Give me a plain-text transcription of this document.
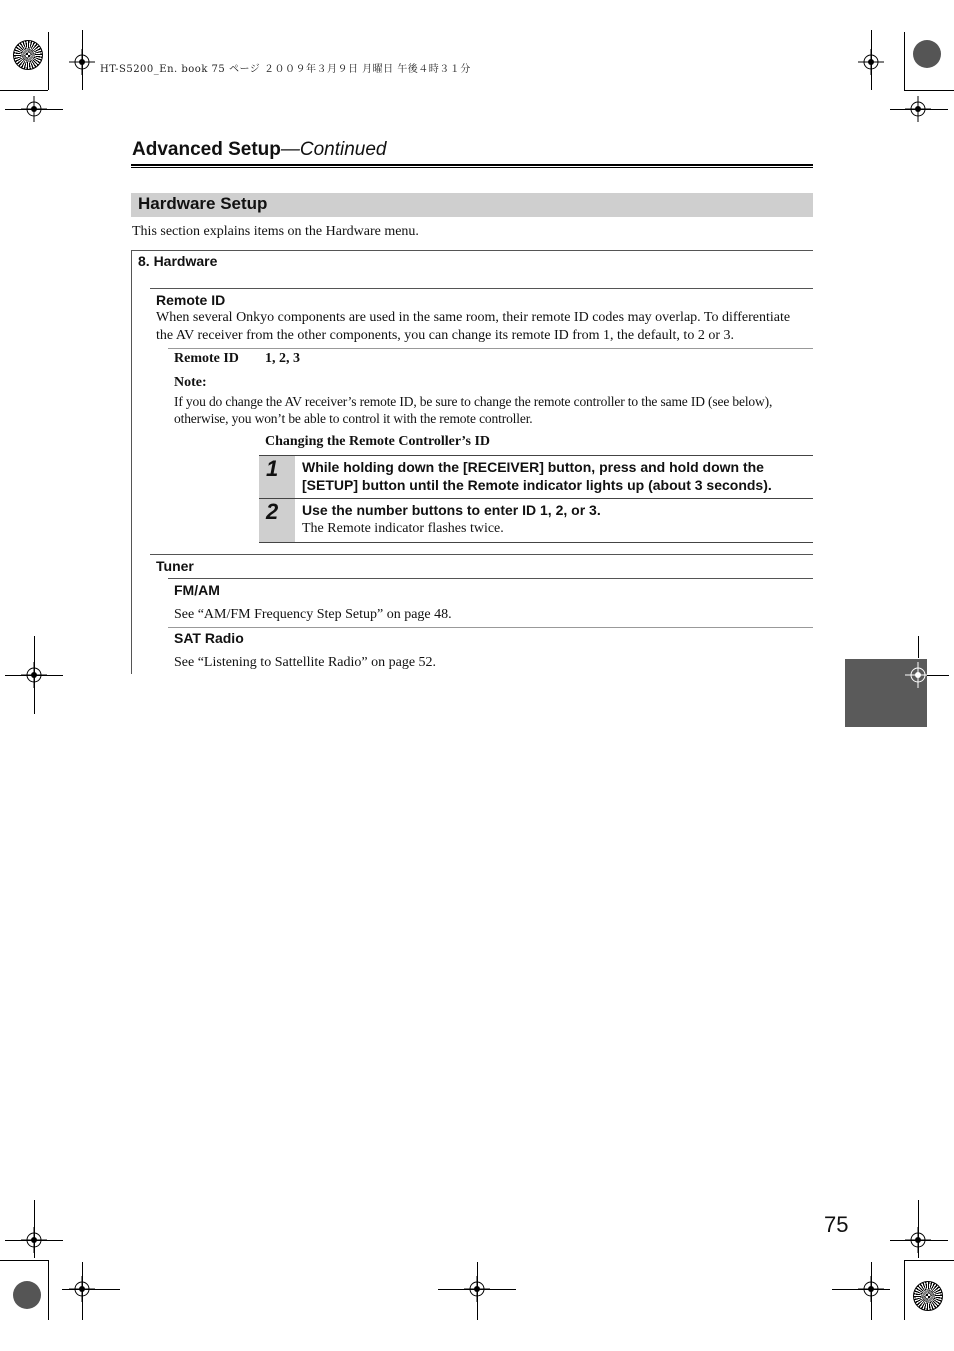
HT-S5200_En. book 75 ページ ２００９年３月９日 月曜日 午後４時３１分
Advanced Setup—Continued
Hardware Setup
This section explains items on the Hardware menu.
8. Hardware
Remote ID
When several Onkyo components are used in the same room, their remote ID codes may overlap. To differentiate
the AV receiver from the other components, you can change its remote ID from 1, the default, to 2 or 3.
Remote ID 1, 2, 3
Note:
If you do change the AV receiver’s remote ID, be sure to change the remote controller to the same ID (see below),
otherwise, you won’t be able to control it with the remote controller.
Changing the Remote Controller’s ID
1	While holding down the [RECEIVER] button, press and hold down the
[SETUP] button until the Remote indicator lights up (about 3 seconds).
2	Use the number buttons to enter ID 1, 2, or 3.
The Remote indicator flashes twice.
Tuner
FM/AM
See “AM/FM Frequency Step Setup” on page 48.
SAT Radio
See “Listening to Sattellite Radio” on page 52.
75
